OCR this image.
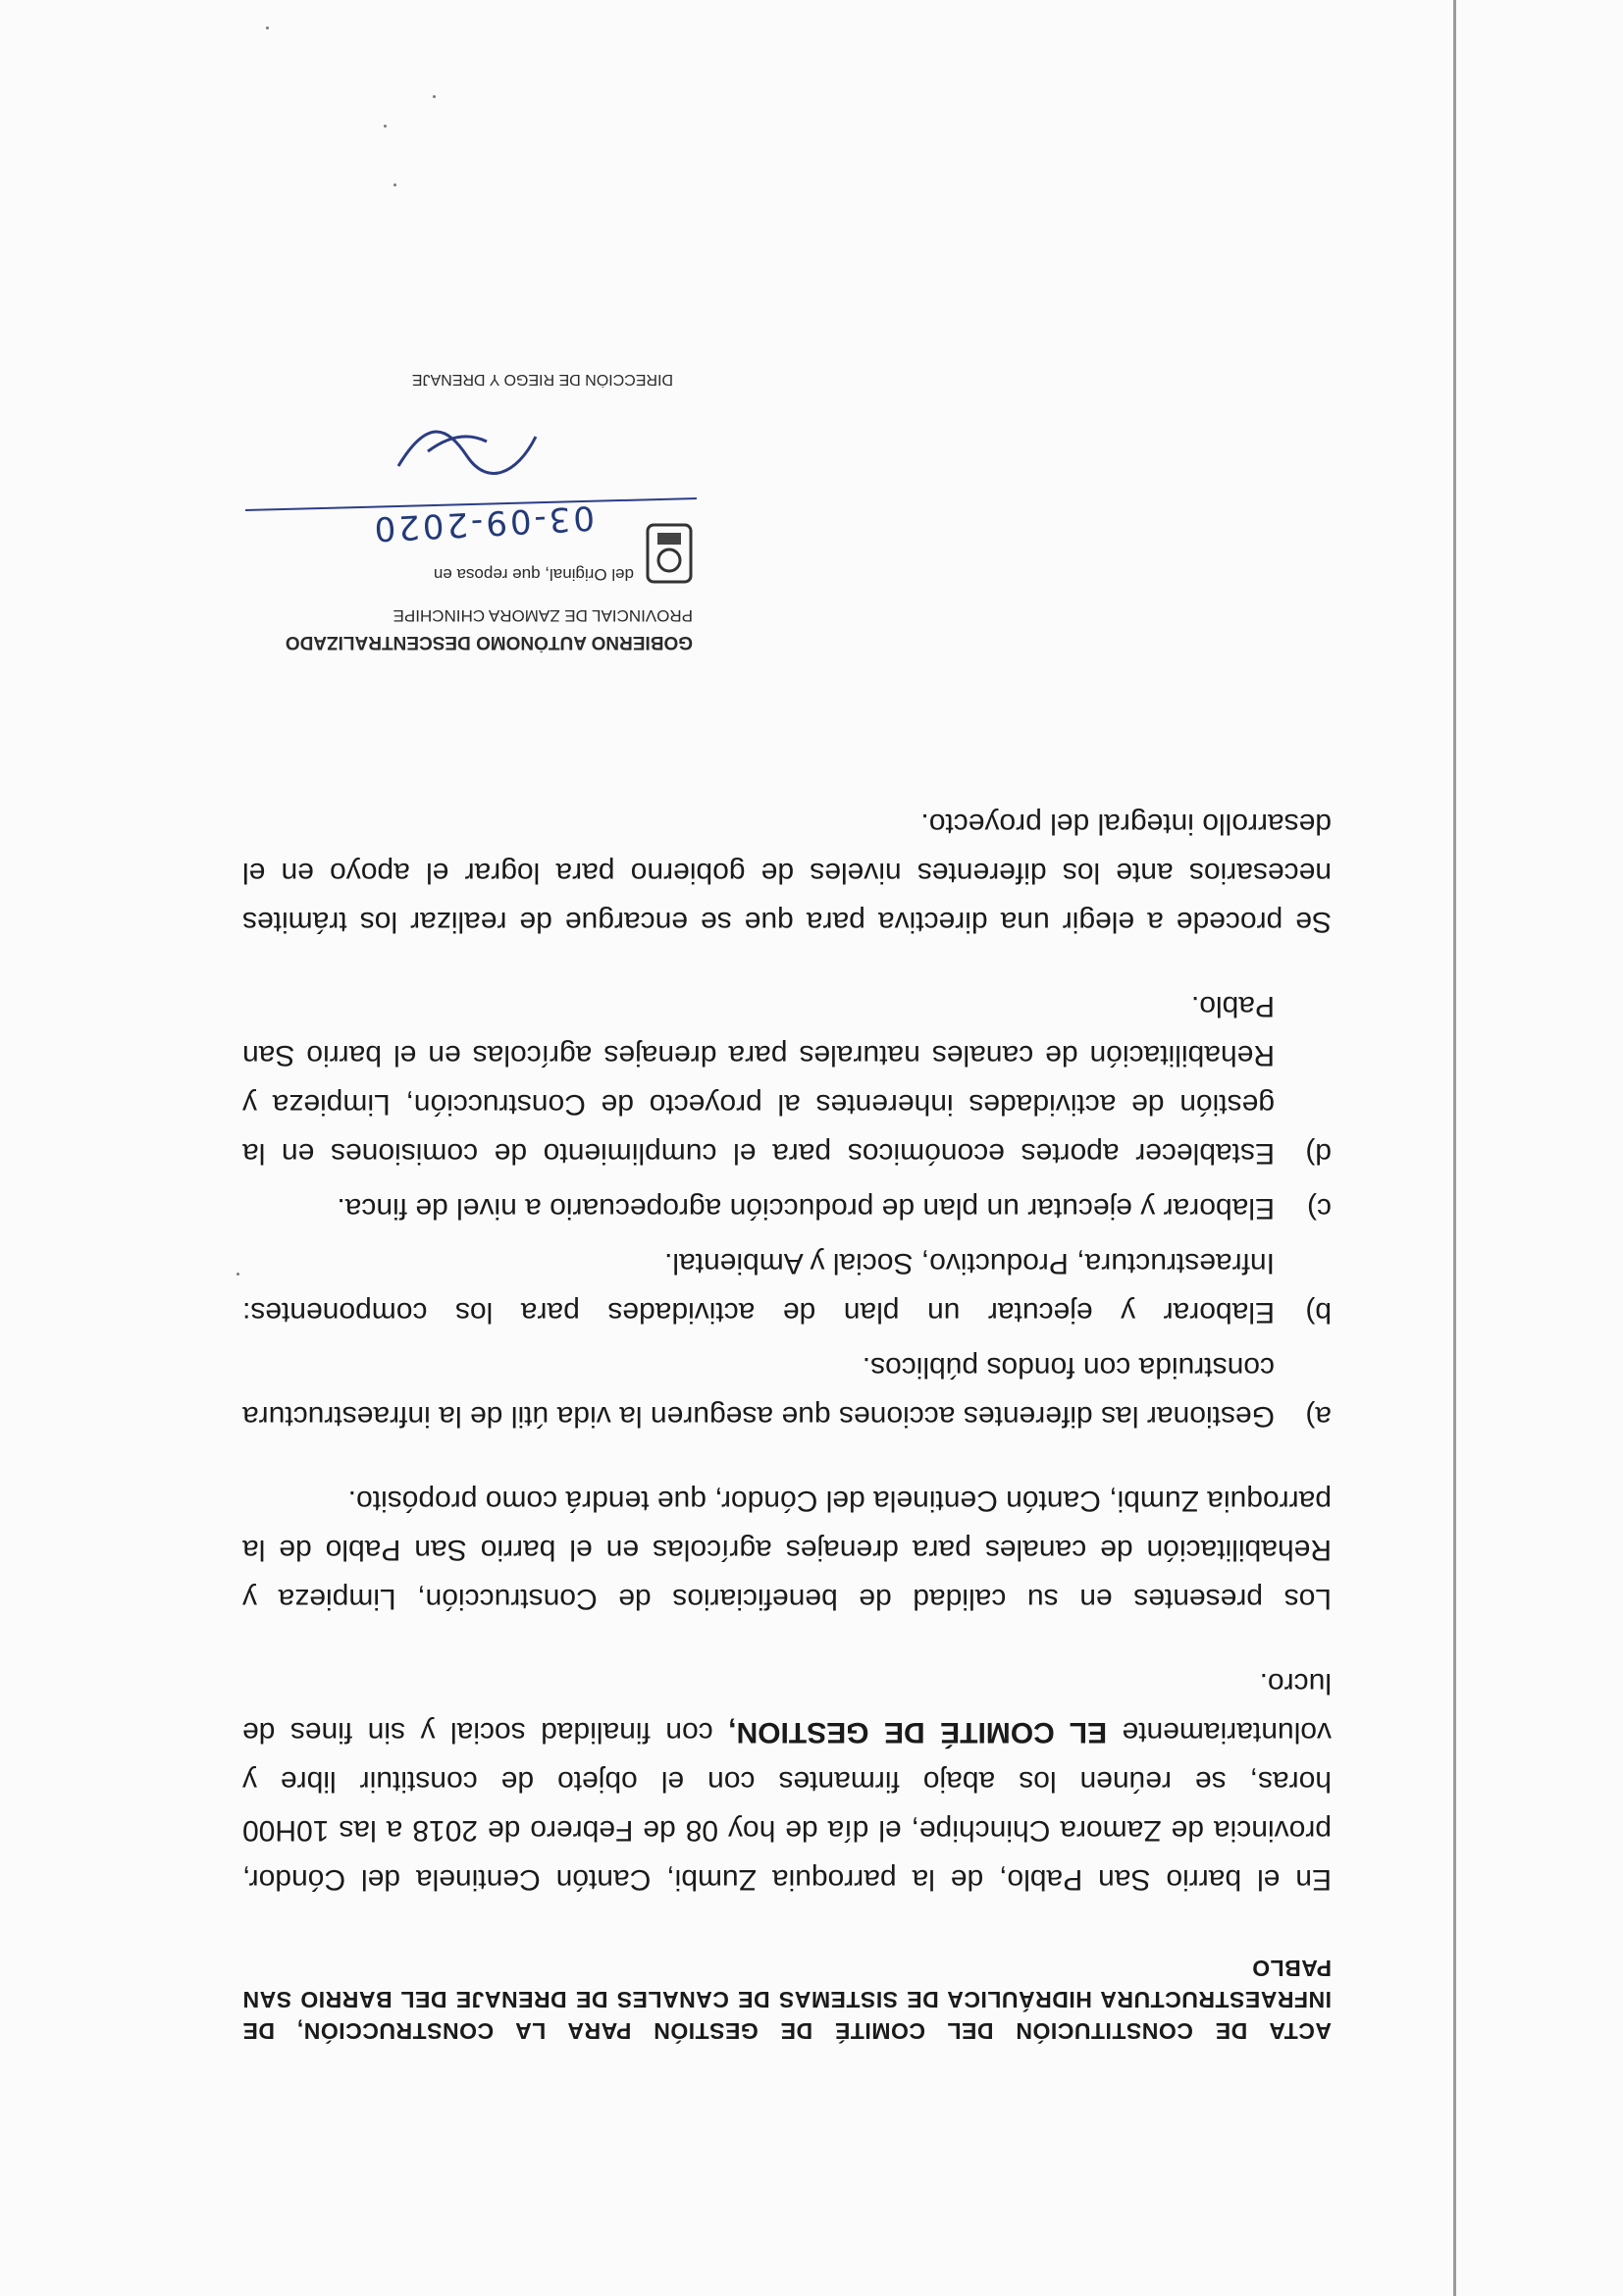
ACTA DE CONSTITUCIÓN DEL COMITÉ DE GESTIÓN PARA LA CONSTRUCCIÓN, DE INFRAESTRUCTURA HIDRÁULICA DE SISTEMAS DE CANALES DE DRENAJE DEL BARRIO SAN PABLO

En el barrio San Pablo, de la parroquia Zumbi, Cantón Centinela del Cóndor, provincia de Zamora Chinchipe, el día de hoy 08 de Febrero de 2018 a las 10H00 horas, se reúnen los abajo firmantes con el objeto de constituir libre y voluntariamente EL COMITÉ DE GESTION, con finalidad social y sin fines de lucro.

Los presentes en su calidad de beneficiarios de Construcción, Limpieza y Rehabilitación de canales para drenajes agrícolas en el barrio San Pablo de la parroquia Zumbi, Cantón Centinela del Cóndor, que tendrá como propósito.

a)
Gestionar las diferentes acciones que aseguren la vida útil de la infraestructura construida con fondos públicos.
b)
Elaborar y ejecutar un plan de actividades para los componentes: Infraestructura, Productivo, Social y Ambiental.
c)
Elaborar y ejecutar un plan de producción agropecuario a nivel de finca.
d)
Establecer aportes económicos para el cumplimiento de comisiones en la gestión de actividades inherentes al proyecto de Construcción, Limpieza y Rehabilitación de canales naturales para drenajes agrícolas en el barrio San Pablo.

Se procede a elegir una directiva para que se encargue de realizar los trámites necesarios ante los diferentes niveles de gobierno para lograr el apoyo en el desarrollo integral del proyecto.

GOBIERNO AUTÓNOMO DESCENTRALIZADO
PROVINCIAL DE ZAMORA CHINCHIPE
del Original, que reposa en
03-09-2020
DIRECCIÓN DE RIEGO Y DRENAJE
